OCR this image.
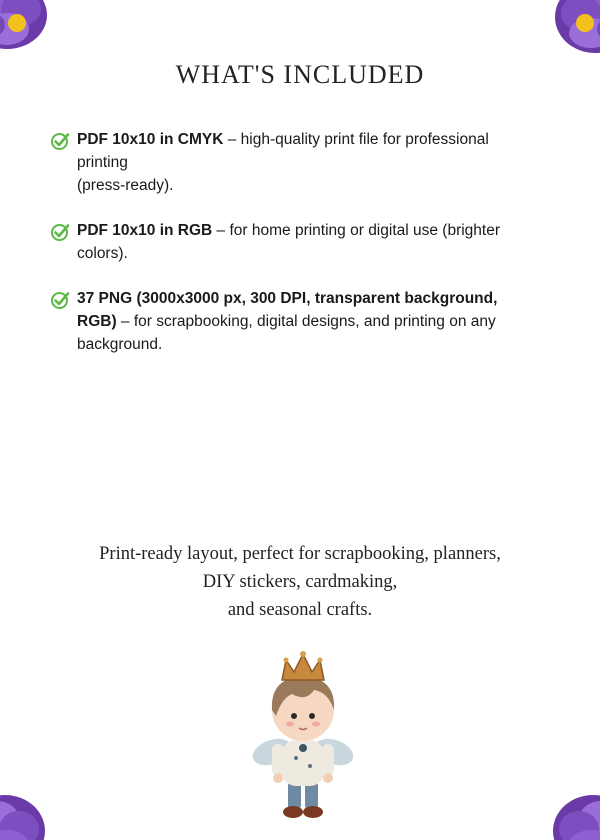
WHAT'S INCLUDED
PDF 10x10 in CMYK – high-quality print file for professional printing
(press-ready).
PDF 10x10 in RGB – for home printing or digital use (brighter colors).
37 PNG (3000x3000 px, 300 DPI, transparent background, RGB) – for scrapbooking, digital designs, and printing on any background.
Print-ready layout, perfect for scrapbooking, planners,
DIY stickers, cardmaking,
and seasonal crafts.
